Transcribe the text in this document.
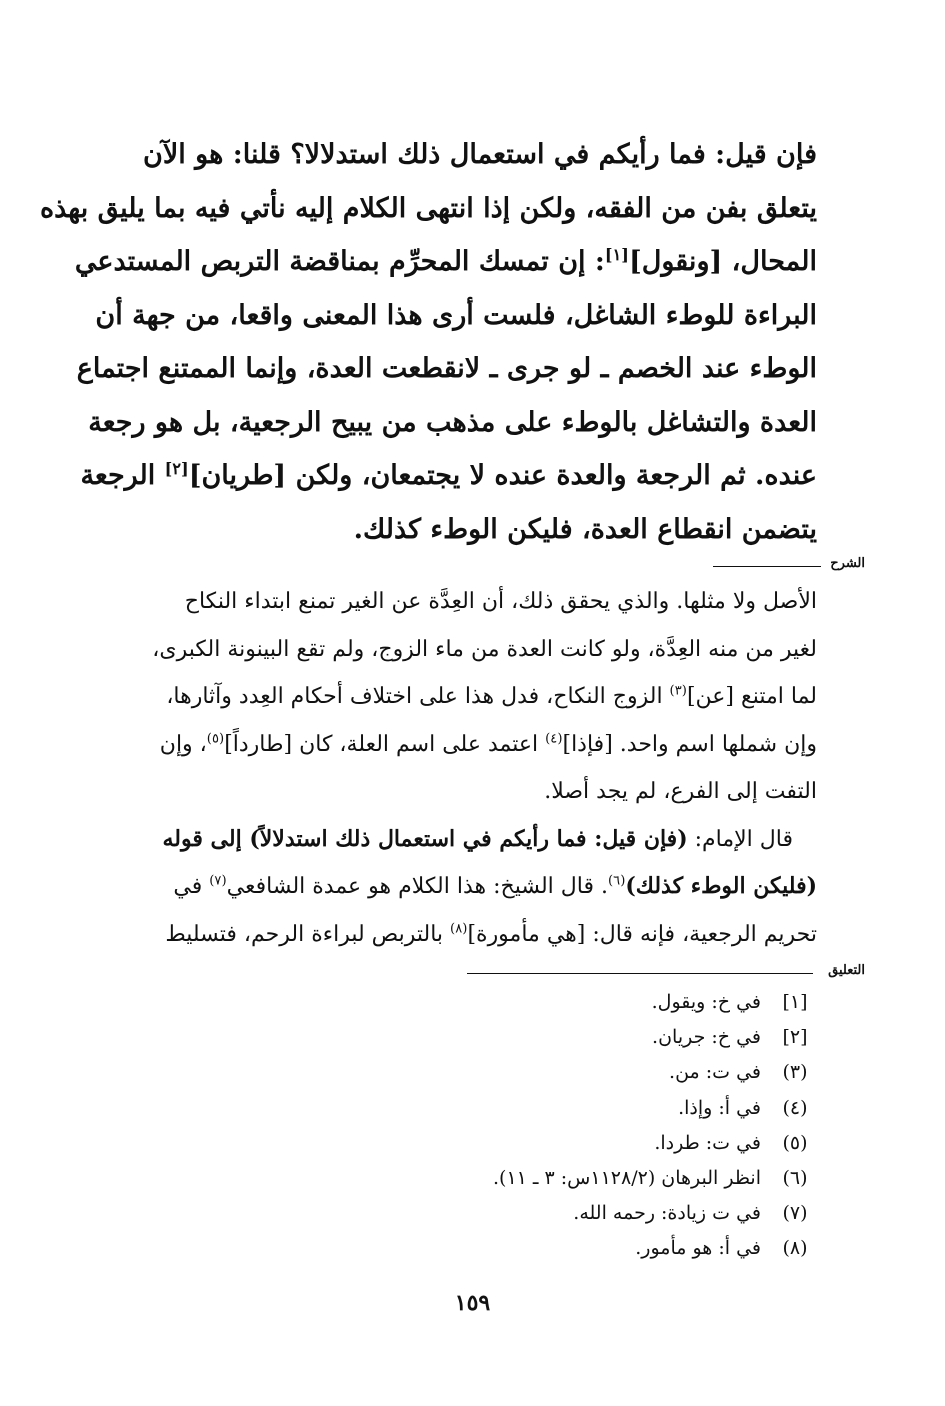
فإن قيل: فما رأيكم في استعمال ذلك استدلالا؟ قلنا: هو الآن
يتعلق بفن من الفقه، ولكن إذا انتهى الكلام إليه نأتي فيه بما يليق بهذه
المحال، [ونقول][١]: إن تمسك المحرِّم بمناقضة التربص المستدعي
البراءة للوطء الشاغل، فلست أرى هذا المعنى واقعا، من جهة أن
الوطء عند الخصم ـ لو جرى ـ لانقطعت العدة، وإنما الممتنع اجتماع
العدة والتشاغل بالوطء على مذهب من يبيح الرجعية، بل هو رجعة
عنده. ثم الرجعة والعدة عنده لا يجتمعان، ولكن [طريان][٢] الرجعة
يتضمن انقطاع العدة، فليكن الوطء كذلك.
الشرح
الأصل ولا مثلها. والذي يحقق ذلك، أن العِدَّة عن الغير تمنع ابتداء النكاح
لغير من منه العِدَّة، ولو كانت العدة من ماء الزوج، ولم تقع البينونة الكبرى،
لما امتنع [عن]$^{(٣)}$ الزوج النكاح، فدل هذا على اختلاف أحكام العِدد وآثارها،
وإن شملها اسم واحد. [فإذا]$^{(٤)}$ اعتمد على اسم العلة، كان [طارداً]$^{(٥)}$، وإن
التفت إلى الفرع، لم يجد أصلا.
قال الإمام: (فإن قيل: فما رأيكم في استعمال ذلك استدلالاً) إلى قوله
(فليكن الوطء كذلك)$^{(٦)}$. قال الشيخ: هذا الكلام هو عمدة الشافعي$^{(٧)}$ في
تحريم الرجعية، فإنه قال: [هي مأمورة]$^{(٨)}$ بالتربص لبراءة الرحم، فتسليط
التعليق
[١]في خ: ويقول.
[٢]في خ: جريان.
(٣)في ت: من.
(٤)في أ: وإذا.
(٥)في ت: طردا.
(٦)انظر البرهان (١١٢٨/٢س: ٣ ـ ١١).
(٧)في ت زيادة: رحمه الله.
(٨)في أ: هو مأمور.
١٥٩
